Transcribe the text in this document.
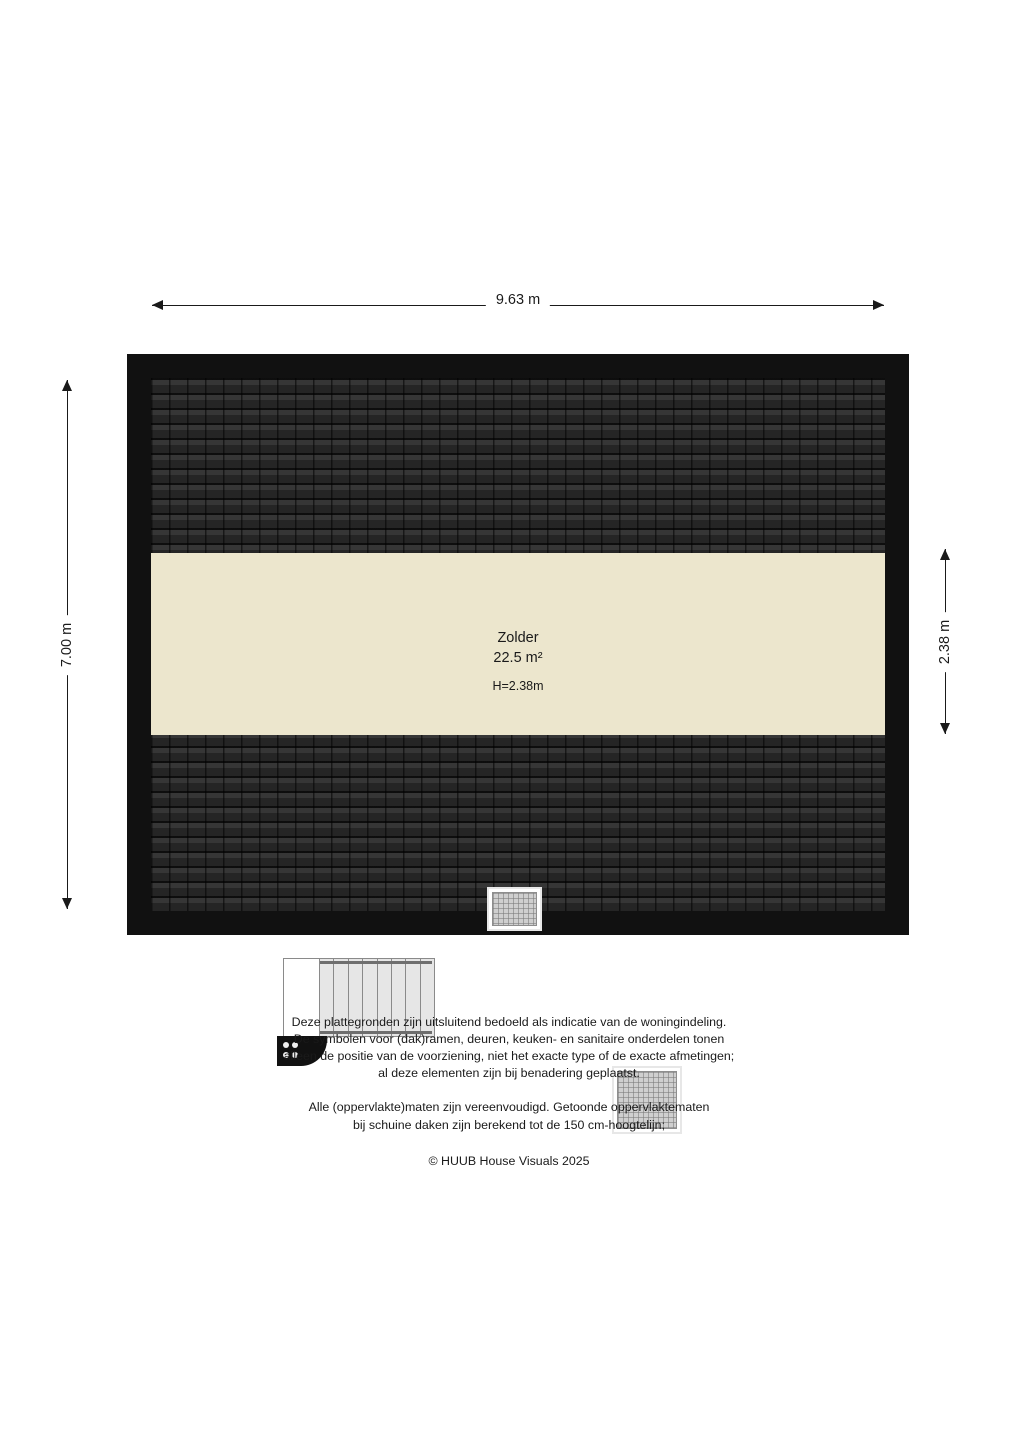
9.63 m
7.00 m	2.38 m
Zolder
22.5 m²
H=2.38m
Deze plattegronden zijn uitsluitend bedoeld als indicatie van de woningindeling.
De symbolen voor (dak)ramen, deuren, keuken- en sanitaire onderdelen tonen
alleen de positie van de voorziening, niet het exacte type of de exacte afmetingen;
al deze elementen zijn bij benadering geplaatst.
Alle (oppervlakte)maten zijn vereenvoudigd. Getoonde oppervlaktematen
bij schuine daken zijn berekend tot de 150 cm-hoogtelijn;
© HUUB House Visuals 2025
